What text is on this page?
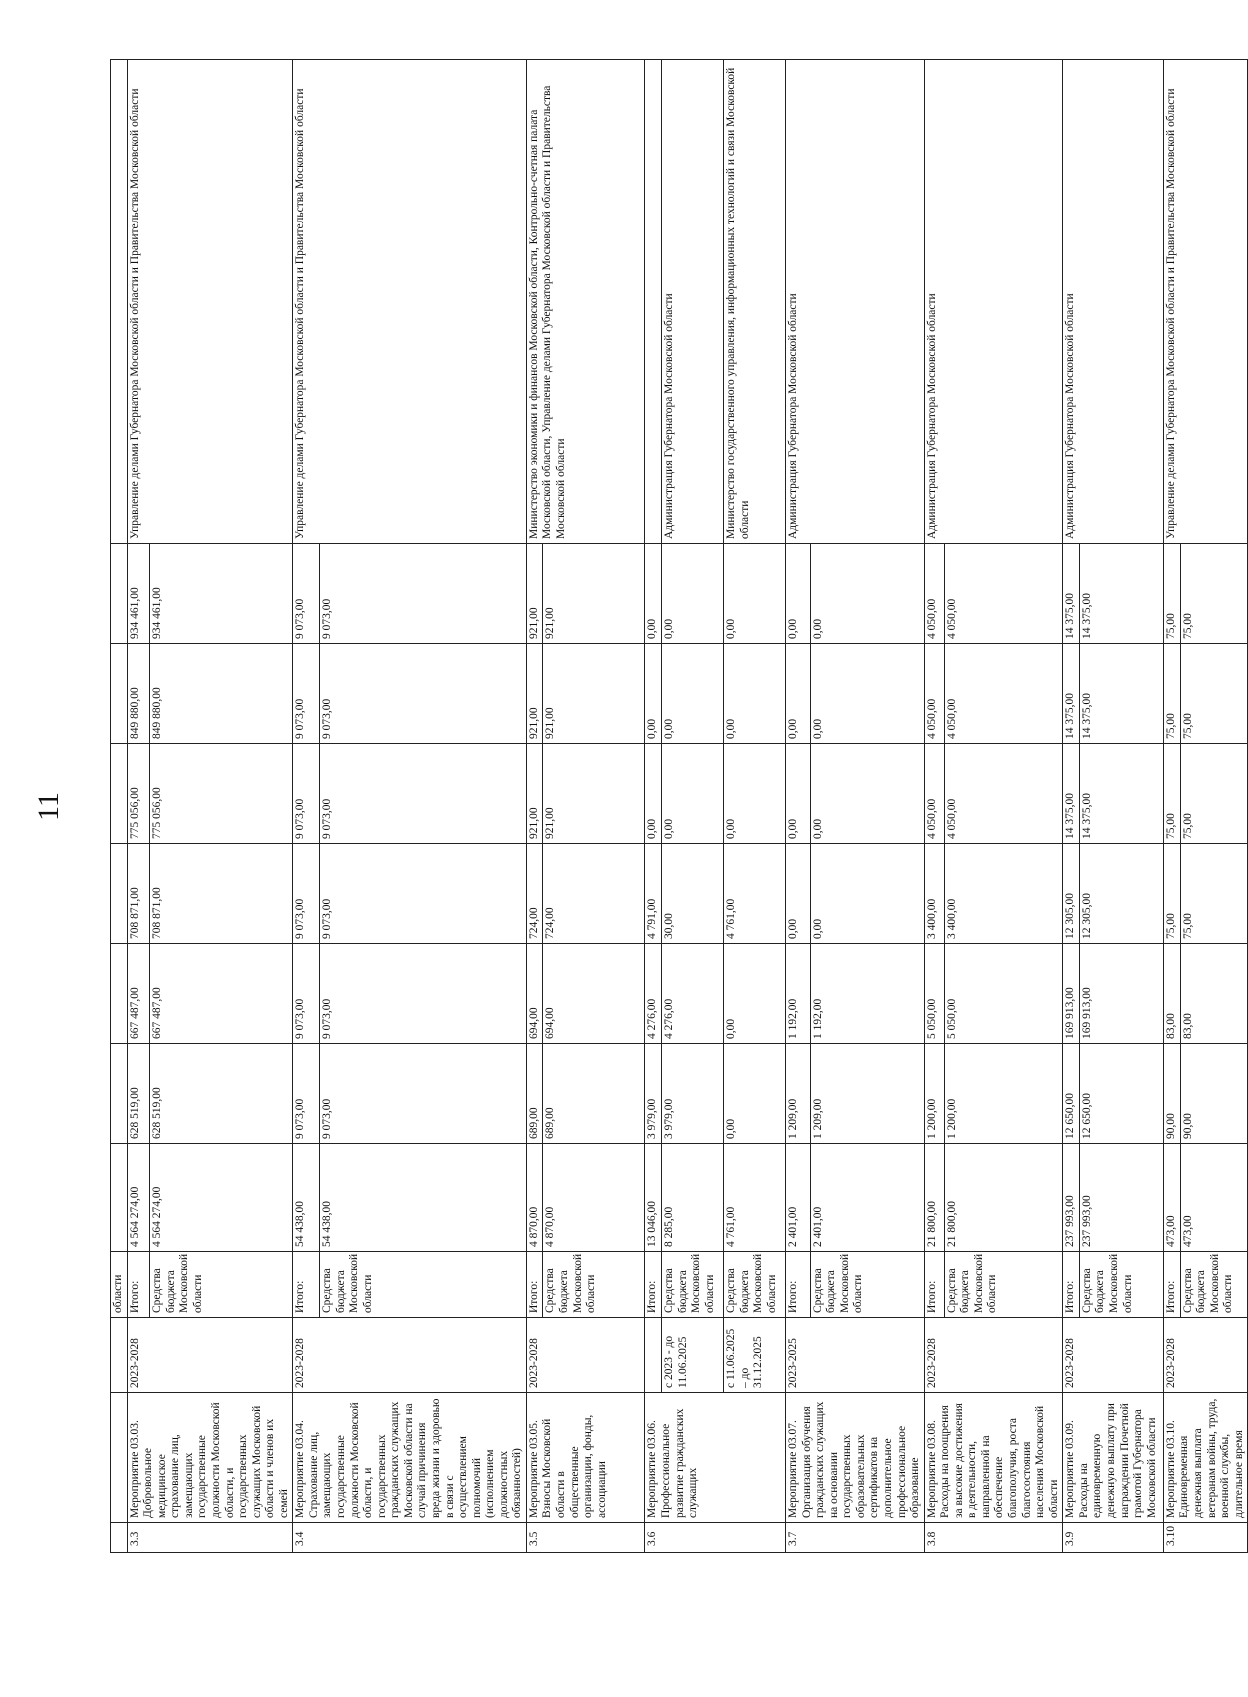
11
			области								
3.3	Мероприятие 03.03. Добровольное медицинское страхование лиц, замещающих государственные должности Московской области, и государственных служащих Московской области и членов их семей	2023-2028	Итого:	4 564 274,00	628 519,00	667 487,00	708 871,00	775 056,00	849 880,00	934 461,00	Управление делами Губернатора Московской области и Правительства Московской области
			Средства бюджета Московской области	4 564 274,00	628 519,00	667 487,00	708 871,00	775 056,00	849 880,00	934 461,00	
3.4	Мероприятие 03.04. Страхование лиц, замещающих государственные должности Московской области, и государственных гражданских служащих Московской области на случай причинения вреда жизни и здоровью в связи с осуществлением полномочий (исполнением должностных обязанностей)	2023-2028	Итого:	54 438,00	9 073,00	9 073,00	9 073,00	9 073,00	9 073,00	9 073,00	Управление делами Губернатора Московской области и Правительства Московской области
			Средства бюджета Московской области	54 438,00	9 073,00	9 073,00	9 073,00	9 073,00	9 073,00	9 073,00	
3.5	Мероприятие 03.05. Взносы Московской области в общественные организации, фонды, ассоциации	2023-2028	Итого:	4 870,00	689,00	694,00	724,00	921,00	921,00	921,00	Министерство экономики и финансов Московской области, Контрольно-счетная палата Московской области, Управление делами Губернатора Московской области и Правительства Московской области
			Средства бюджета Московской области	4 870,00	689,00	694,00	724,00	921,00	921,00	921,00	
3.6	Мероприятие 03.06. Профессиональное развитие гражданских служащих		Итого:	13 046,00	3 979,00	4 276,00	4 791,00	0,00	0,00	0,00	
		с 2023 - до 11.06.2025	Средства бюджета Московской области	8 285,00	3 979,00	4 276,00	30,00	0,00	0,00	0,00	Администрация Губернатора Московской области
		с 11.06.2025 – до 31.12.2025	Средства бюджета Московской области	4 761,00	0,00	0,00	4 761,00	0,00	0,00	0,00	Министерство государственного управления, информационных технологий и связи Московской области
3.7	Мероприятие 03.07. Организация обучения гражданских служащих на основании государственных образовательных сертификатов на дополнительное профессиональное образование	2023-2025	Итого:	2 401,00	1 209,00	1 192,00	0,00	0,00	0,00	0,00	Администрация Губернатора Московской области
			Средства бюджета Московской области	2 401,00	1 209,00	1 192,00	0,00	0,00	0,00	0,00	
3.8	Мероприятие 03.08. Расходы на поощрения за высокие достижения в деятельности, направленной на обеспечение благополучия, роста благосостояния населения Московской области	2023-2028	Итого:	21 800,00	1 200,00	5 050,00	3 400,00	4 050,00	4 050,00	4 050,00	Администрация Губернатора Московской области
			Средства бюджета Московской области	21 800,00	1 200,00	5 050,00	3 400,00	4 050,00	4 050,00	4 050,00	
3.9	Мероприятие 03.09. Расходы на единовременную денежную выплату при награждении Почетной грамотой Губернатора Московской области	2023-2028	Итого:	237 993,00	12 650,00	169 913,00	12 305,00	14 375,00	14 375,00	14 375,00	Администрация Губернатора Московской области
			Средства бюджета Московской области	237 993,00	12 650,00	169 913,00	12 305,00	14 375,00	14 375,00	14 375,00	
3.10	Мероприятие 03.10. Единовременная денежная выплата ветеранам войны, труда, военной службы, длительное время	2023-2028	Итого:	473,00	90,00	83,00	75,00	75,00	75,00	75,00	Управление делами Губернатора Московской области и Правительства Московской области
			Средства бюджета Московской области	473,00	90,00	83,00	75,00	75,00	75,00	75,00	
